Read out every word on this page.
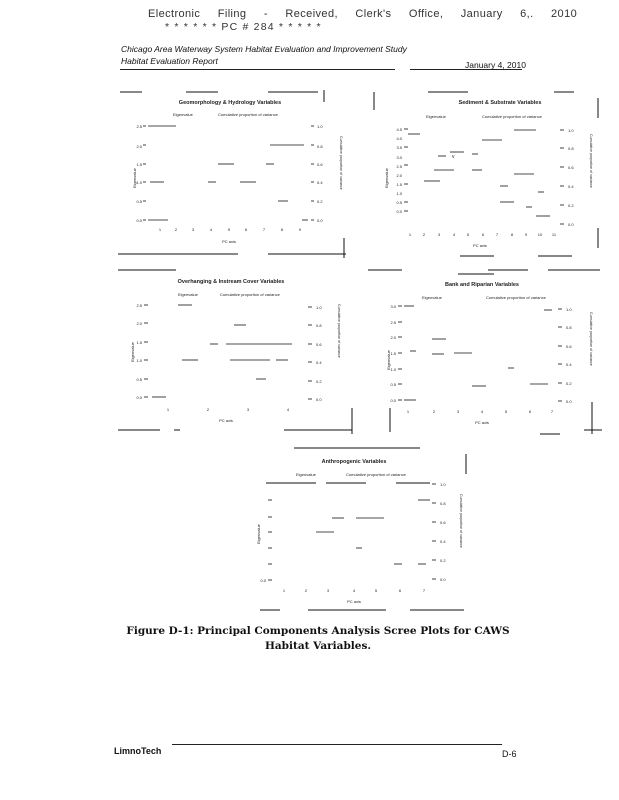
Electronic Filing - Received, Clerk's Office, January 6,. 2010
* * * * * * PC # 284 * * * * *
Chicago Area Waterway System Habitat Evaluation and Improvement Study
Habitat Evaluation Report	January 4, 2010
Geomorphology & Hydrology Variables
Eigenvalue	Cumulative proportion of variance
2.5
2.0
1.5
1.0
0.5
0.0
1.0
0.8
0.6
0.4
0.2
0.0
Eigenvalue	Cumulative proportion of variance
1	2	3	4	5	6	7	8	9
PC axis
Sediment & Substrate Variables
Eigenvalue	Cumulative proportion of variance
4.5
4.0
3.5
3.0
2.5
2.0
1.5
1.0
0.5
0.0
1.0
0.8
0.6
0.4
0.2
0.0
Eigenvalue	Cumulative proportion of variance
v
1	2	3	4	5	6	7	8	9	10 11
PC axis
Overhanging & Instream Cover Variables
Eigenvalue	Cumulative proportion of variance
2.5
2.0
1.5
1.0
0.5
0.0
1.0
0.8
0.6
0.4
0.2
0.0
Eigenvalue	Cumulative proportion of variance
1	2	3	4
PC axis
Bank and Riparian Variables
Eigenvalue	Cumulative proportion of variance
3.0
2.5
2.0
1.5
1.0
0.5
0.0
1.0
0.8
0.6
0.4
0.2
0.0
Eigenvalue	Cumulative proportion of variance
1	2	3	4	5	6	7
PC axis
Anthropogenic Variables
Eigenvalue	Cumulative proportion of variance
0.0
1.0
0.8
0.6
0.4
0.2
0.0
Eigenvalue	Cumulative proportion of variance
1	2	3	4	5	6	7
PC axis
Figure D-1: Principal Components Analysis Scree Plots for CAWS Habitat Variables.
LimnoTech	D-6
